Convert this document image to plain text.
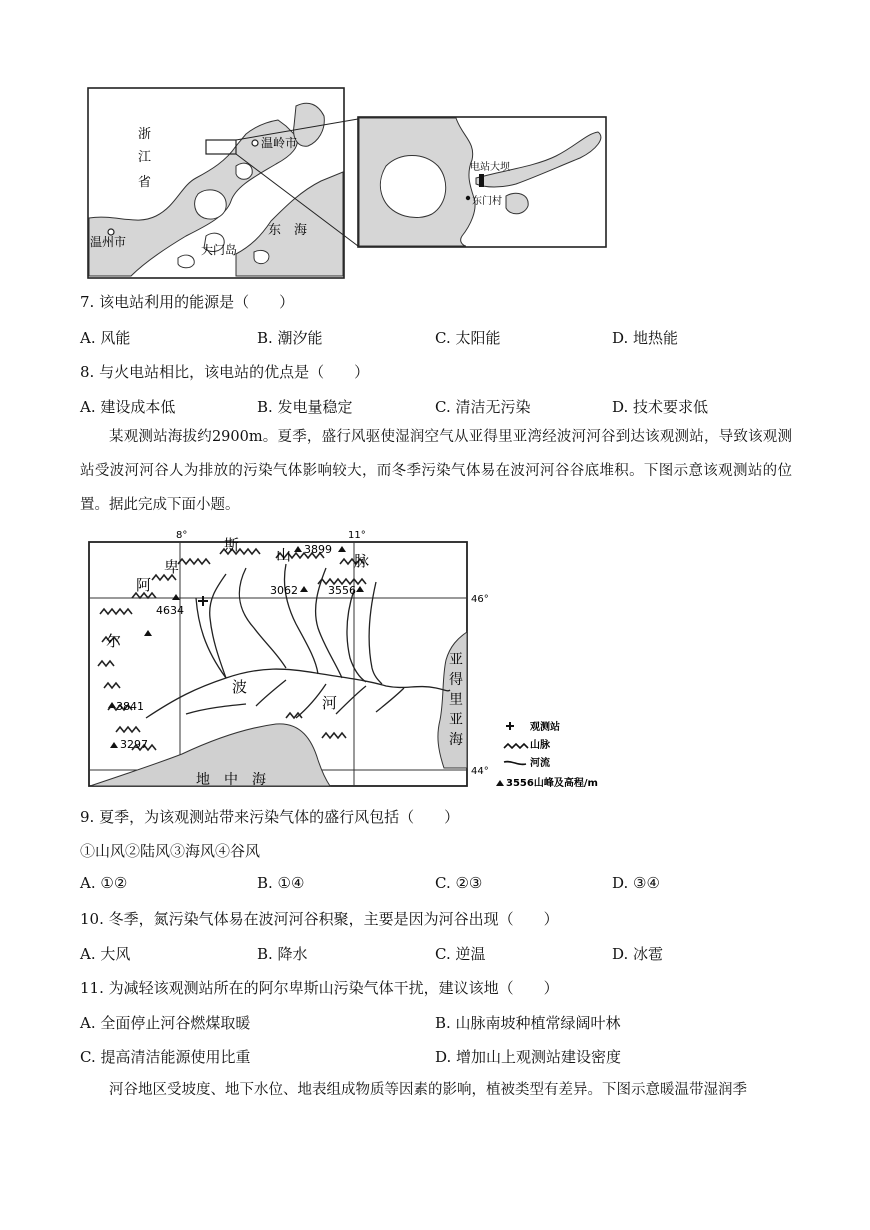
浙
江
省
温岭市
温州市
东　海
大门岛
电站大坝
东门村
7. 该电站利用的能源是（　　）
A. 风能	B. 潮汐能	C. 太阳能	D. 地热能
8. 与火电站相比，该电站的优点是（　　）
A. 建设成本低	B. 发电量稳定	C. 清洁无污染	D. 技术要求低
某观测站海拔约2900m。夏季，盛行风驱使湿润空气从亚得里亚湾经波河河谷到达该观测站，导致该观测站受波河河谷人为排放的污染气体影响较大，而冬季污染气体易在波河河谷谷底堆积。下图示意该观测站的位置。据此完成下面小题。
8°	11°
46°
44°
3899
3062	3556
4634
3841
3297
阿
尔
卑
斯
山	脉
波
河
亚
得
里
亚
海
地　中　海
观测站
山脉
河流
3556山峰及高程/m
9. 夏季，为该观测站带来污染气体的盛行风包括（　　）
①山风②陆风③海风④谷风
A. ①②	B. ①④	C. ②③	D. ③④
10. 冬季，氮污染气体易在波河河谷积聚，主要是因为河谷出现（　　）
A. 大风	B. 降水	C. 逆温	D. 冰雹
11. 为减轻该观测站所在的阿尔卑斯山污染气体干扰，建议该地（　　）
A. 全面停止河谷燃煤取暖	B. 山脉南坡种植常绿阔叶林
C. 提高清洁能源使用比重	D. 增加山上观测站建设密度
河谷地区受坡度、地下水位、地表组成物质等因素的影响，植被类型有差异。下图示意暖温带湿润季
